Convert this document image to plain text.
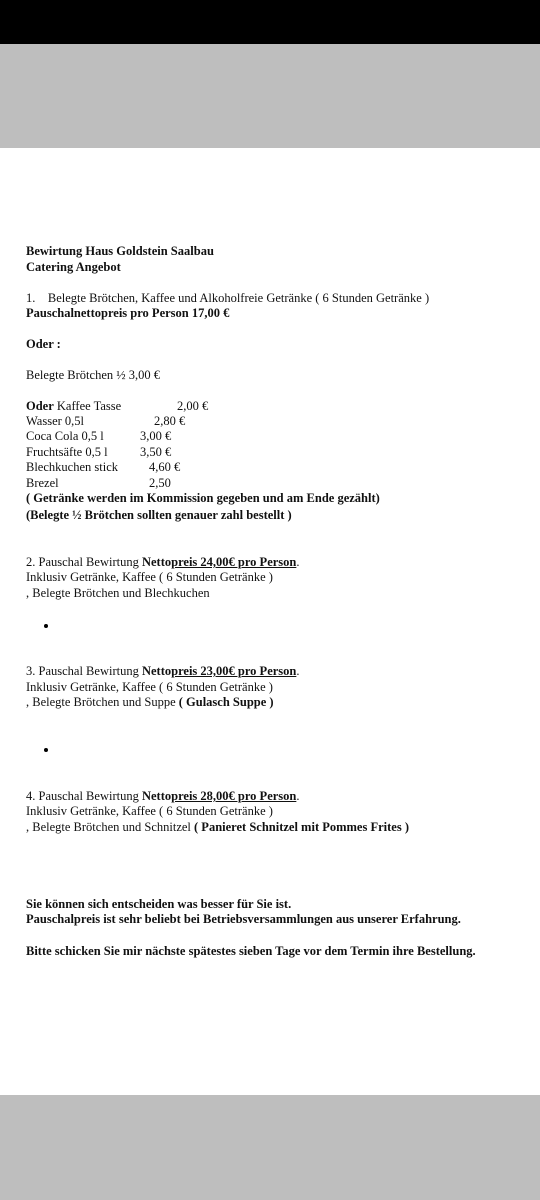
Bewirtung Haus Goldstein Saalbau
Catering Angebot
1. Belegte Brötchen, Kaffee und Alkoholfreie Getränke ( 6 Stunden Getränke )
Pauschalnettopreis pro Person 17,00 €
Oder :
Belegte Brötchen ½ 3,00 €
Oder Kaffee Tasse	2,00 €
Wasser 0,5l	2,80 €
Coca Cola 0,5 l	3,00 €
Fruchtsäfte 0,5 l	3,50 €
Blechkuchen stick 4,60 €
Brezel	2,50
( Getränke werden im Kommission gegeben und am Ende gezählt)
(Belegte ½ Brötchen sollten genauer zahl bestellt )
2. Pauschal Bewirtung Nettopreis 24,00€ pro Person.
Inklusiv Getränke, Kaffee ( 6 Stunden Getränke )
, Belegte Brötchen und Blechkuchen
3. Pauschal Bewirtung Nettopreis 23,00€ pro Person.
Inklusiv Getränke, Kaffee ( 6 Stunden Getränke )
, Belegte Brötchen und Suppe ( Gulasch Suppe )
4. Pauschal Bewirtung Nettopreis 28,00€ pro Person.
Inklusiv Getränke, Kaffee ( 6 Stunden Getränke )
, Belegte Brötchen und Schnitzel ( Panieret Schnitzel mit Pommes Frites )
Sie können sich entscheiden was besser für Sie ist.
Pauschalpreis ist sehr beliebt bei Betriebsversammlungen aus unserer Erfahrung.
Bitte schicken Sie mir nächste spätestes sieben Tage vor dem Termin ihre Bestellung.
